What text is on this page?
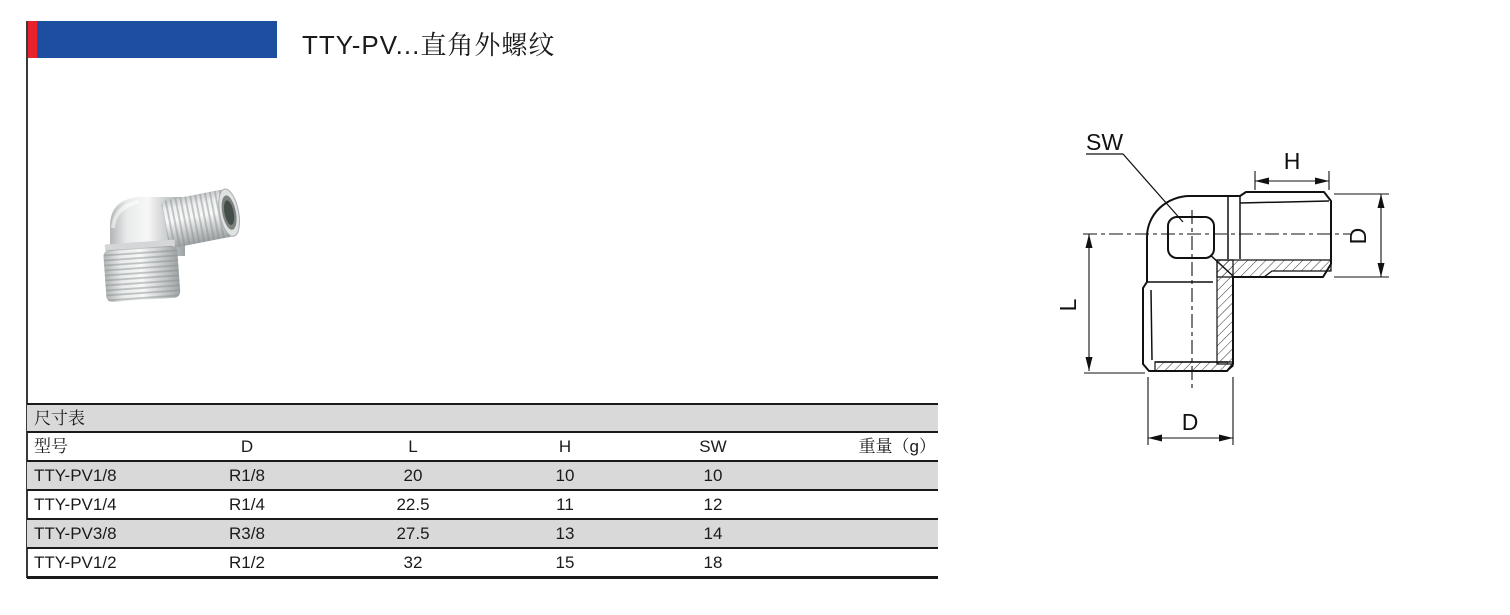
TTY-PV...直角外螺纹
SW
H
D
L
D
尺寸表
型号	D	L	H	SW	重量（g）
TTY-PV1/8	R1/8	20	10	10
TTY-PV1/4	R1/4	22.5	11	12
TTY-PV3/8	R3/8	27.5	13	14
TTY-PV1/2	R1/2	32	15	18
